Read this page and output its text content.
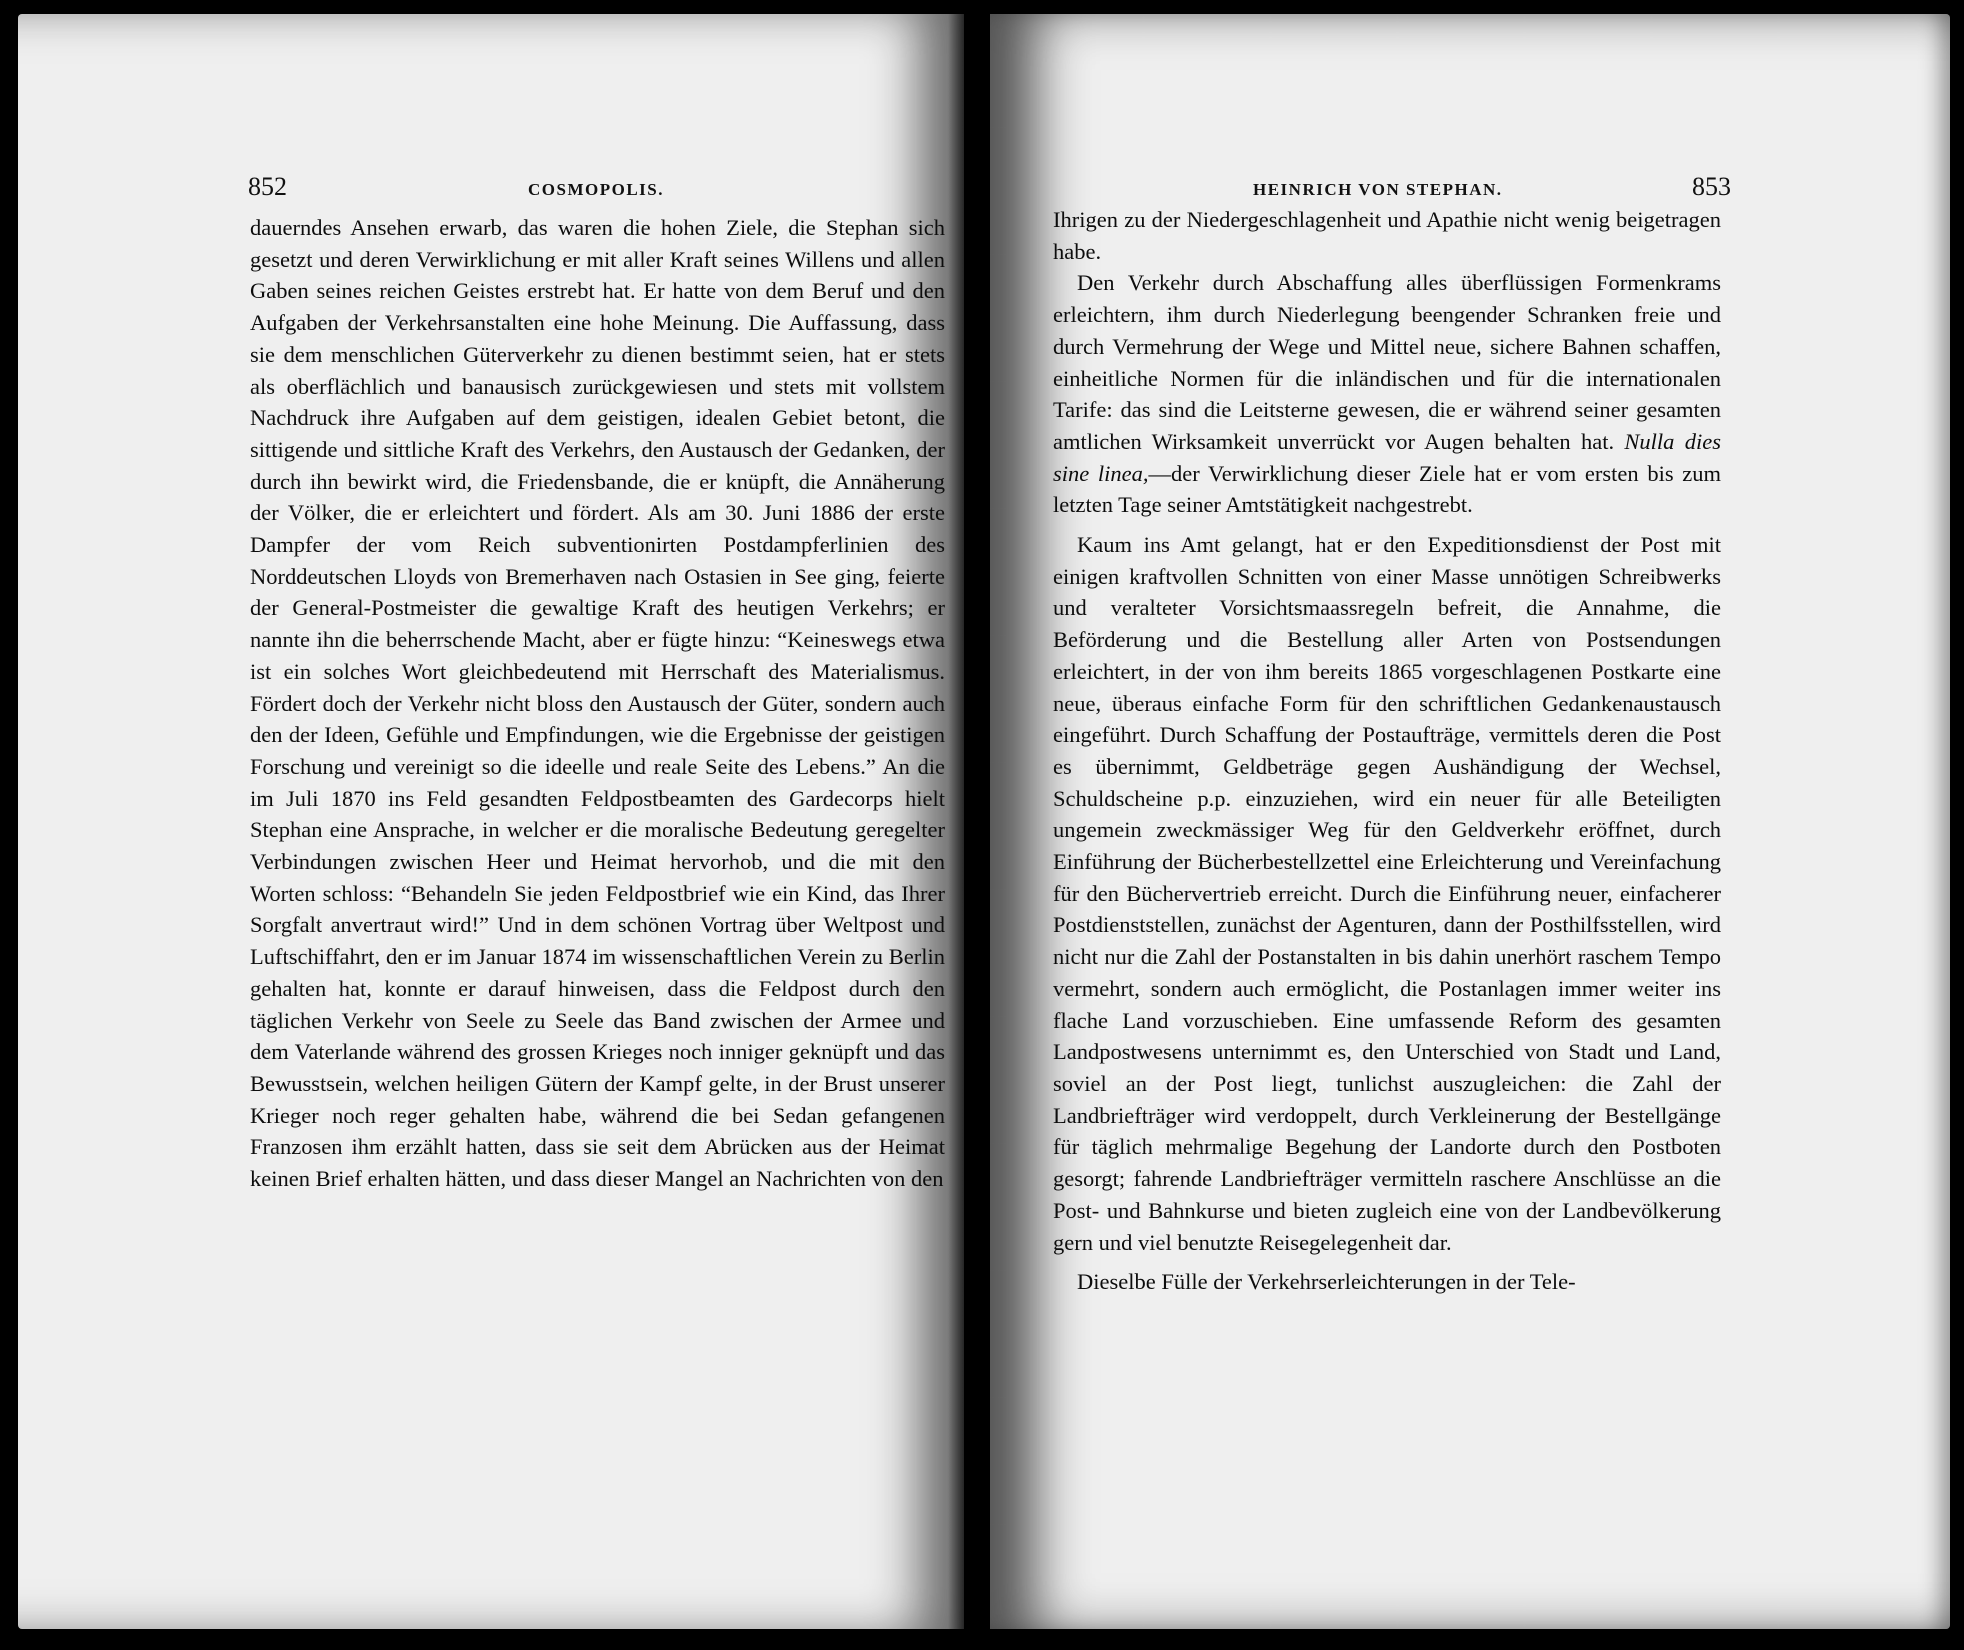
852	COSMOPOLIS.

dauerndes Ansehen erwarb, das waren die hohen Ziele, die Stephan sich gesetzt und deren Verwirklichung er mit aller Kraft seines Willens und allen Gaben seines reichen Geistes erstrebt hat. Er hatte von dem Beruf und den Aufgaben der Verkehrsanstalten eine hohe Meinung. Die Auffassung, dass sie dem menschlichen Güterverkehr zu dienen bestimmt seien, hat er stets als oberflächlich und banausisch zurückgewiesen und stets mit vollstem Nachdruck ihre Aufgaben auf dem geistigen, idealen Gebiet betont, die sittigende und sittliche Kraft des Verkehrs, den Austausch der Gedanken, der durch ihn bewirkt wird, die Friedensbande, die er knüpft, die Annäherung der Völker, die er erleichtert und fördert. Als am 30. Juni 1886 der erste Dampfer der vom Reich subventionirten Postdampferlinien des Norddeutschen Lloyds von Bremerhaven nach Ostasien in See ging, feierte der General-Postmeister die gewaltige Kraft des heutigen Verkehrs; er nannte ihn die beherrschende Macht, aber er fügte hinzu: “Keineswegs etwa ist ein solches Wort gleichbedeutend mit Herrschaft des Materialismus. Fördert doch der Verkehr nicht bloss den Austausch der Güter, sondern auch den der Ideen, Gefühle und Empfindungen, wie die Ergebnisse der geistigen Forschung und vereinigt so die ideelle und reale Seite des Lebens.” An die im Juli 1870 ins Feld gesandten Feldpostbeamten des Gardecorps hielt Stephan eine Ansprache, in welcher er die moralische Bedeutung geregelter Verbindungen zwischen Heer und Heimat hervorhob, und die mit den Worten schloss: “Behandeln Sie jeden Feldpostbrief wie ein Kind, das Ihrer Sorgfalt anvertraut wird!” Und in dem schönen Vortrag über Weltpost und Luftschiffahrt, den er im Januar 1874 im wissenschaftlichen Verein zu Berlin gehalten hat, konnte er darauf hinweisen, dass die Feldpost durch den täglichen Verkehr von Seele zu Seele das Band zwischen der Armee und dem Vaterlande während des grossen Krieges noch inniger geknüpft und das Bewusstsein, welchen heiligen Gütern der Kampf gelte, in der Brust unserer Krieger noch reger gehalten habe, während die bei Sedan gefangenen Franzosen ihm erzählt hatten, dass sie seit dem Abrücken aus der Heimat keinen Brief erhalten hätten, und dass dieser Mangel an Nachrichten von den

HEINRICH VON STEPHAN.	853

Ihrigen zu der Niedergeschlagenheit und Apathie nicht wenig beigetragen habe.

Den Verkehr durch Abschaffung alles überflüssigen Formenkrams erleichtern, ihm durch Niederlegung beengender Schranken freie und durch Vermehrung der Wege und Mittel neue, sichere Bahnen schaffen, einheitliche Normen für die inländischen und für die internationalen Tarife: das sind die Leitsterne gewesen, die er während seiner gesamten amtlichen Wirksamkeit unverrückt vor Augen behalten hat. Nulla dies sine linea,—der Verwirklichung dieser Ziele hat er vom ersten bis zum letzten Tage seiner Amtstätigkeit nachgestrebt.

Kaum ins Amt gelangt, hat er den Expeditionsdienst der Post mit einigen kraftvollen Schnitten von einer Masse unnötigen Schreibwerks und veralteter Vorsichtsmaassregeln befreit, die Annahme, die Beförderung und die Bestellung aller Arten von Postsendungen erleichtert, in der von ihm bereits 1865 vorgeschlagenen Postkarte eine neue, überaus einfache Form für den schriftlichen Gedankenaustausch eingeführt. Durch Schaffung der Postaufträge, vermittels deren die Post es übernimmt, Geldbeträge gegen Aushändigung der Wechsel, Schuldscheine p.p. einzuziehen, wird ein neuer für alle Beteiligten ungemein zweckmässiger Weg für den Geldverkehr eröffnet, durch Einführung der Bücherbestellzettel eine Erleichterung und Vereinfachung für den Büchervertrieb erreicht. Durch die Einführung neuer, einfacherer Postdienststellen, zunächst der Agenturen, dann der Posthilfsstellen, wird nicht nur die Zahl der Postanstalten in bis dahin unerhört raschem Tempo vermehrt, sondern auch ermöglicht, die Postanlagen immer weiter ins flache Land vorzuschieben. Eine umfassende Reform des gesamten Landpostwesens unternimmt es, den Unterschied von Stadt und Land, soviel an der Post liegt, tunlichst auszugleichen: die Zahl der Landbriefträger wird verdoppelt, durch Verkleinerung der Bestellgänge für täglich mehrmalige Begehung der Landorte durch den Postboten gesorgt; fahrende Landbriefträger vermitteln raschere Anschlüsse an die Post- und Bahnkurse und bieten zugleich eine von der Landbevölkerung gern und viel benutzte Reisegelegenheit dar.

Dieselbe Fülle der Verkehrserleichterungen in der Tele-
